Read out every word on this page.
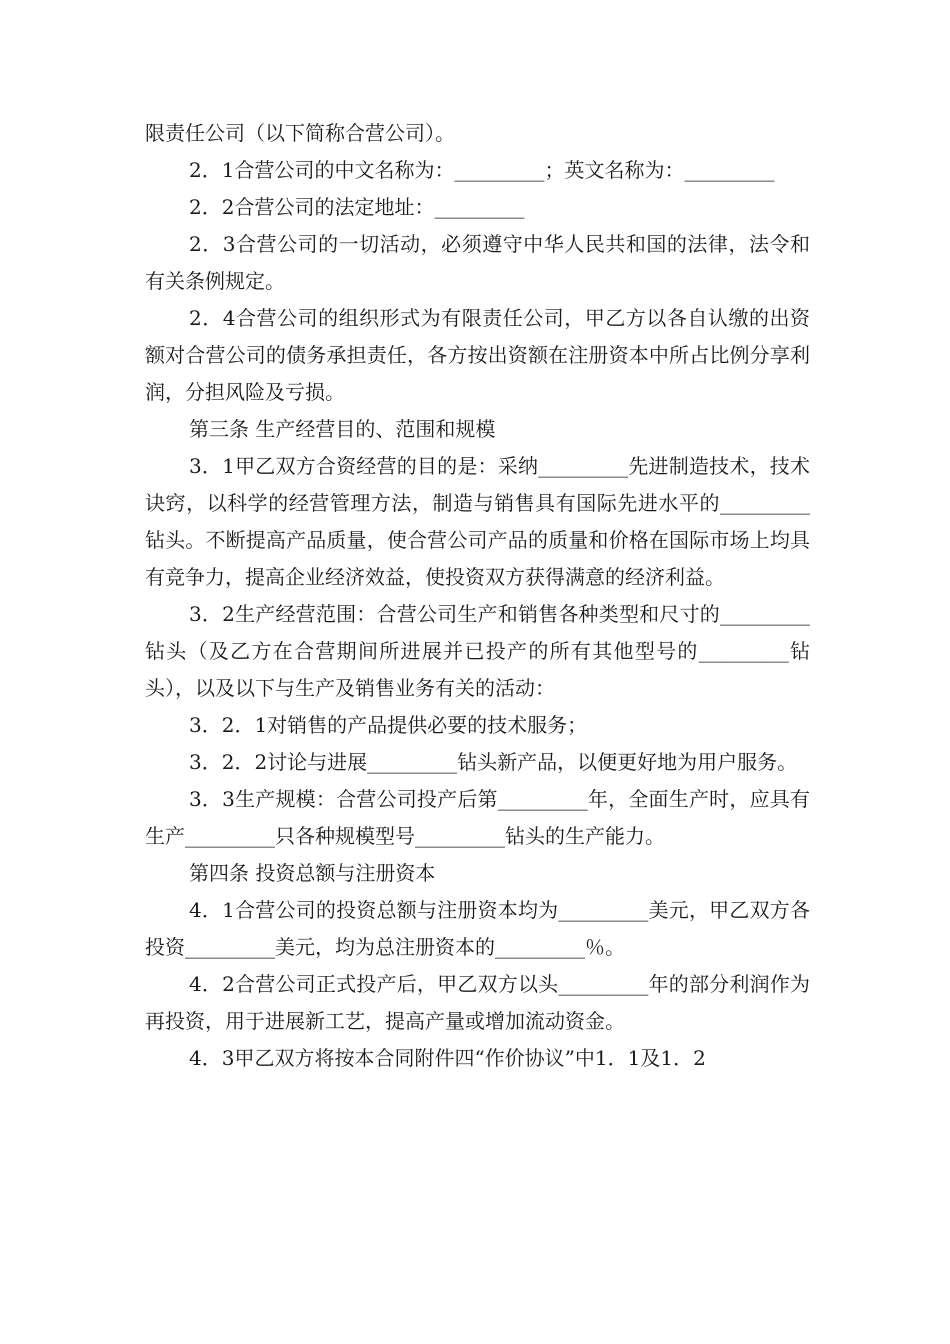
限责任公司（以下简称合营公司）。

2．1合营公司的中文名称为：_________；英文名称为：_________

2．2合营公司的法定地址：_________

2．3合营公司的一切活动，必须遵守中华人民共和国的法律，法令和有关条例规定。

2．4合营公司的组织形式为有限责任公司，甲乙方以各自认缴的出资额对合营公司的债务承担责任，各方按出资额在注册资本中所占比例分享利润，分担风险及亏损。

第三条 生产经营目的、范围和规模

3．1甲乙双方合资经营的目的是：采纳_________先进制造技术，技术诀窍，以科学的经营管理方法，制造与销售具有国际先进水平的_________钻头。不断提高产品质量，使合营公司产品的质量和价格在国际市场上均具有竞争力，提高企业经济效益，使投资双方获得满意的经济利益。

3．2生产经营范围：合营公司生产和销售各种类型和尺寸的_________钻头（及乙方在合营期间所进展并已投产的所有其他型号的_________钻头），以及以下与生产及销售业务有关的活动：

3．2．1对销售的产品提供必要的技术服务；

3．2．2讨论与进展_________钻头新产品，以便更好地为用户服务。

3．3生产规模：合营公司投产后第_________年，全面生产时，应具有生产_________只各种规模型号_________钻头的生产能力。

第四条 投资总额与注册资本

4．1合营公司的投资总额与注册资本均为_________美元，甲乙双方各投资_________美元，均为总注册资本的_________％。

4．2合营公司正式投产后，甲乙双方以头_________年的部分利润作为再投资，用于进展新工艺，提高产量或增加流动资金。

4．3甲乙双方将按本合同附件四“作价协议”中1．1及1．2
